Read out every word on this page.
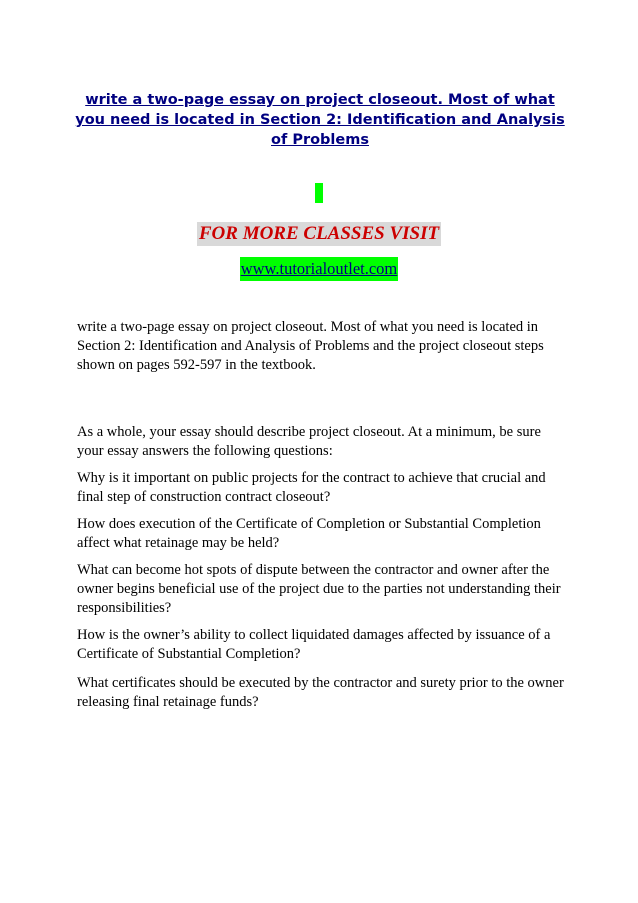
write a two-page essay on project closeout. Most of what you need is located in Section 2: Identification and Analysis of Problems
FOR MORE CLASSES VISIT
www.tutorialoutlet.com

write a two-page essay on project closeout. Most of what you need is located in Section 2: Identification and Analysis of Problems and the project closeout steps shown on pages 592-597 in the textbook.

As a whole, your essay should describe project closeout. At a minimum, be sure your essay answers the following questions:

Why is it important on public projects for the contract to achieve that crucial and final step of construction contract closeout?

How does execution of the Certificate of Completion or Substantial Completion affect what retainage may be held?

What can become hot spots of dispute between the contractor and owner after the owner begins beneficial use of the project due to the parties not understanding their responsibilities?

How is the owner’s ability to collect liquidated damages affected by issuance of a Certificate of Substantial Completion?

What certificates should be executed by the contractor and surety prior to the owner releasing final retainage funds?
